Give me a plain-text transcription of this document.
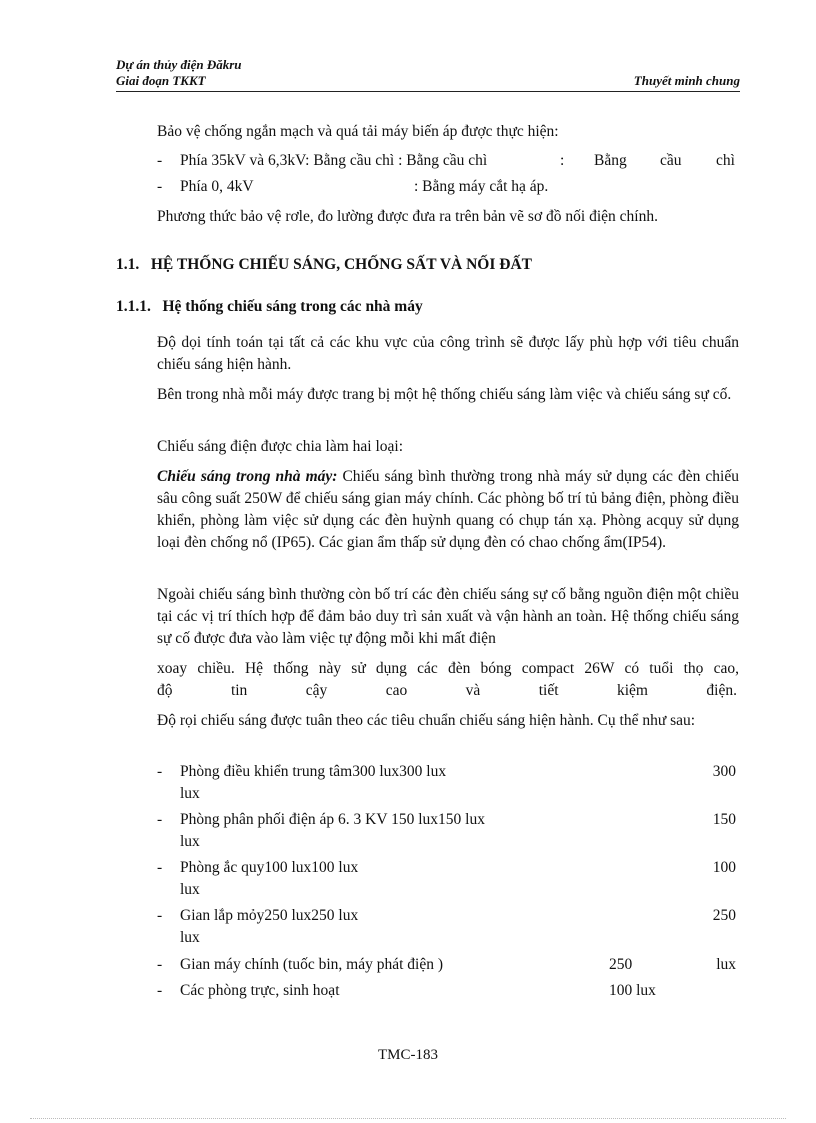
Dự án thủy điện Đăkru
Giai đoạn TKKT	Thuyết minh chung
Bảo vệ chống ngắn mạch và quá tải máy biến áp được thực hiện:
- Phía 35kV và 6,3kV: Bằng cầu chì : Bằng cầu chì	: Bằng cầu chì
- Phía 0, 4kV	: Bằng máy cắt hạ áp.
Phương thức bảo vệ rơle, đo lường được đưa ra trên bản vẽ sơ đồ nối điện chính.
1.1. HỆ THỐNG CHIẾU SÁNG, CHỐNG SẤT VÀ NỐI ĐẤT
1.1.1. Hệ thống chiếu sáng trong các nhà máy
Độ dọi tính toán tại tất cả các khu vực của công trình sẽ được lấy phù hợp với tiêu chuẩn chiếu sáng hiện hành.
Bên trong nhà mỗi máy được trang bị một hệ thống chiếu sáng làm việc và chiếu sáng sự cố.
Chiếu sáng điện được chia làm hai loại:
Chiếu sáng trong nhà máy: Chiếu sáng bình thường trong nhà máy sử dụng các đèn chiếu sâu công suất 250W để chiếu sáng gian máy chính. Các phòng bố trí tủ bảng điện, phòng điều khiển, phòng làm việc sử dụng các đèn huỳnh quang có chụp tán xạ. Phòng acquy sử dụng loại đèn chống nổ (IP65). Các gian ẩm thấp sử dụng đèn có chao chống ẩm(IP54).
Ngoài chiếu sáng bình thường còn bố trí các đèn chiếu sáng sự cố bằng nguồn điện một chiều tại các vị trí thích hợp để đảm bảo duy trì sản xuất và vận hành an toàn. Hệ thống chiếu sáng sự cố được đưa vào làm việc tự động mỗi khi mất điện
xoay chiều. Hệ thống này sử dụng các đèn bóng compact 26W có tuổi thọ cao,
độ	tin	cậy	cao	và	tiết	kiệm	điện.
Độ rọi chiếu sáng được tuân theo các tiêu chuẩn chiếu sáng hiện hành. Cụ thể như sau:
- Phòng điều khiển trung tâm300 lux300 lux	300
lux
- Phòng phân phối điện áp 6. 3 KV 150 lux150 lux	150
lux
- Phòng ắc quy100 lux100 lux	100
lux
- Gian lắp mỏy250 lux250 lux	250
lux
- Gian máy chính (tuốc bin, máy phát điện )	250	lux
- Các phòng trực, sinh hoạt	100 lux
TMC-183
